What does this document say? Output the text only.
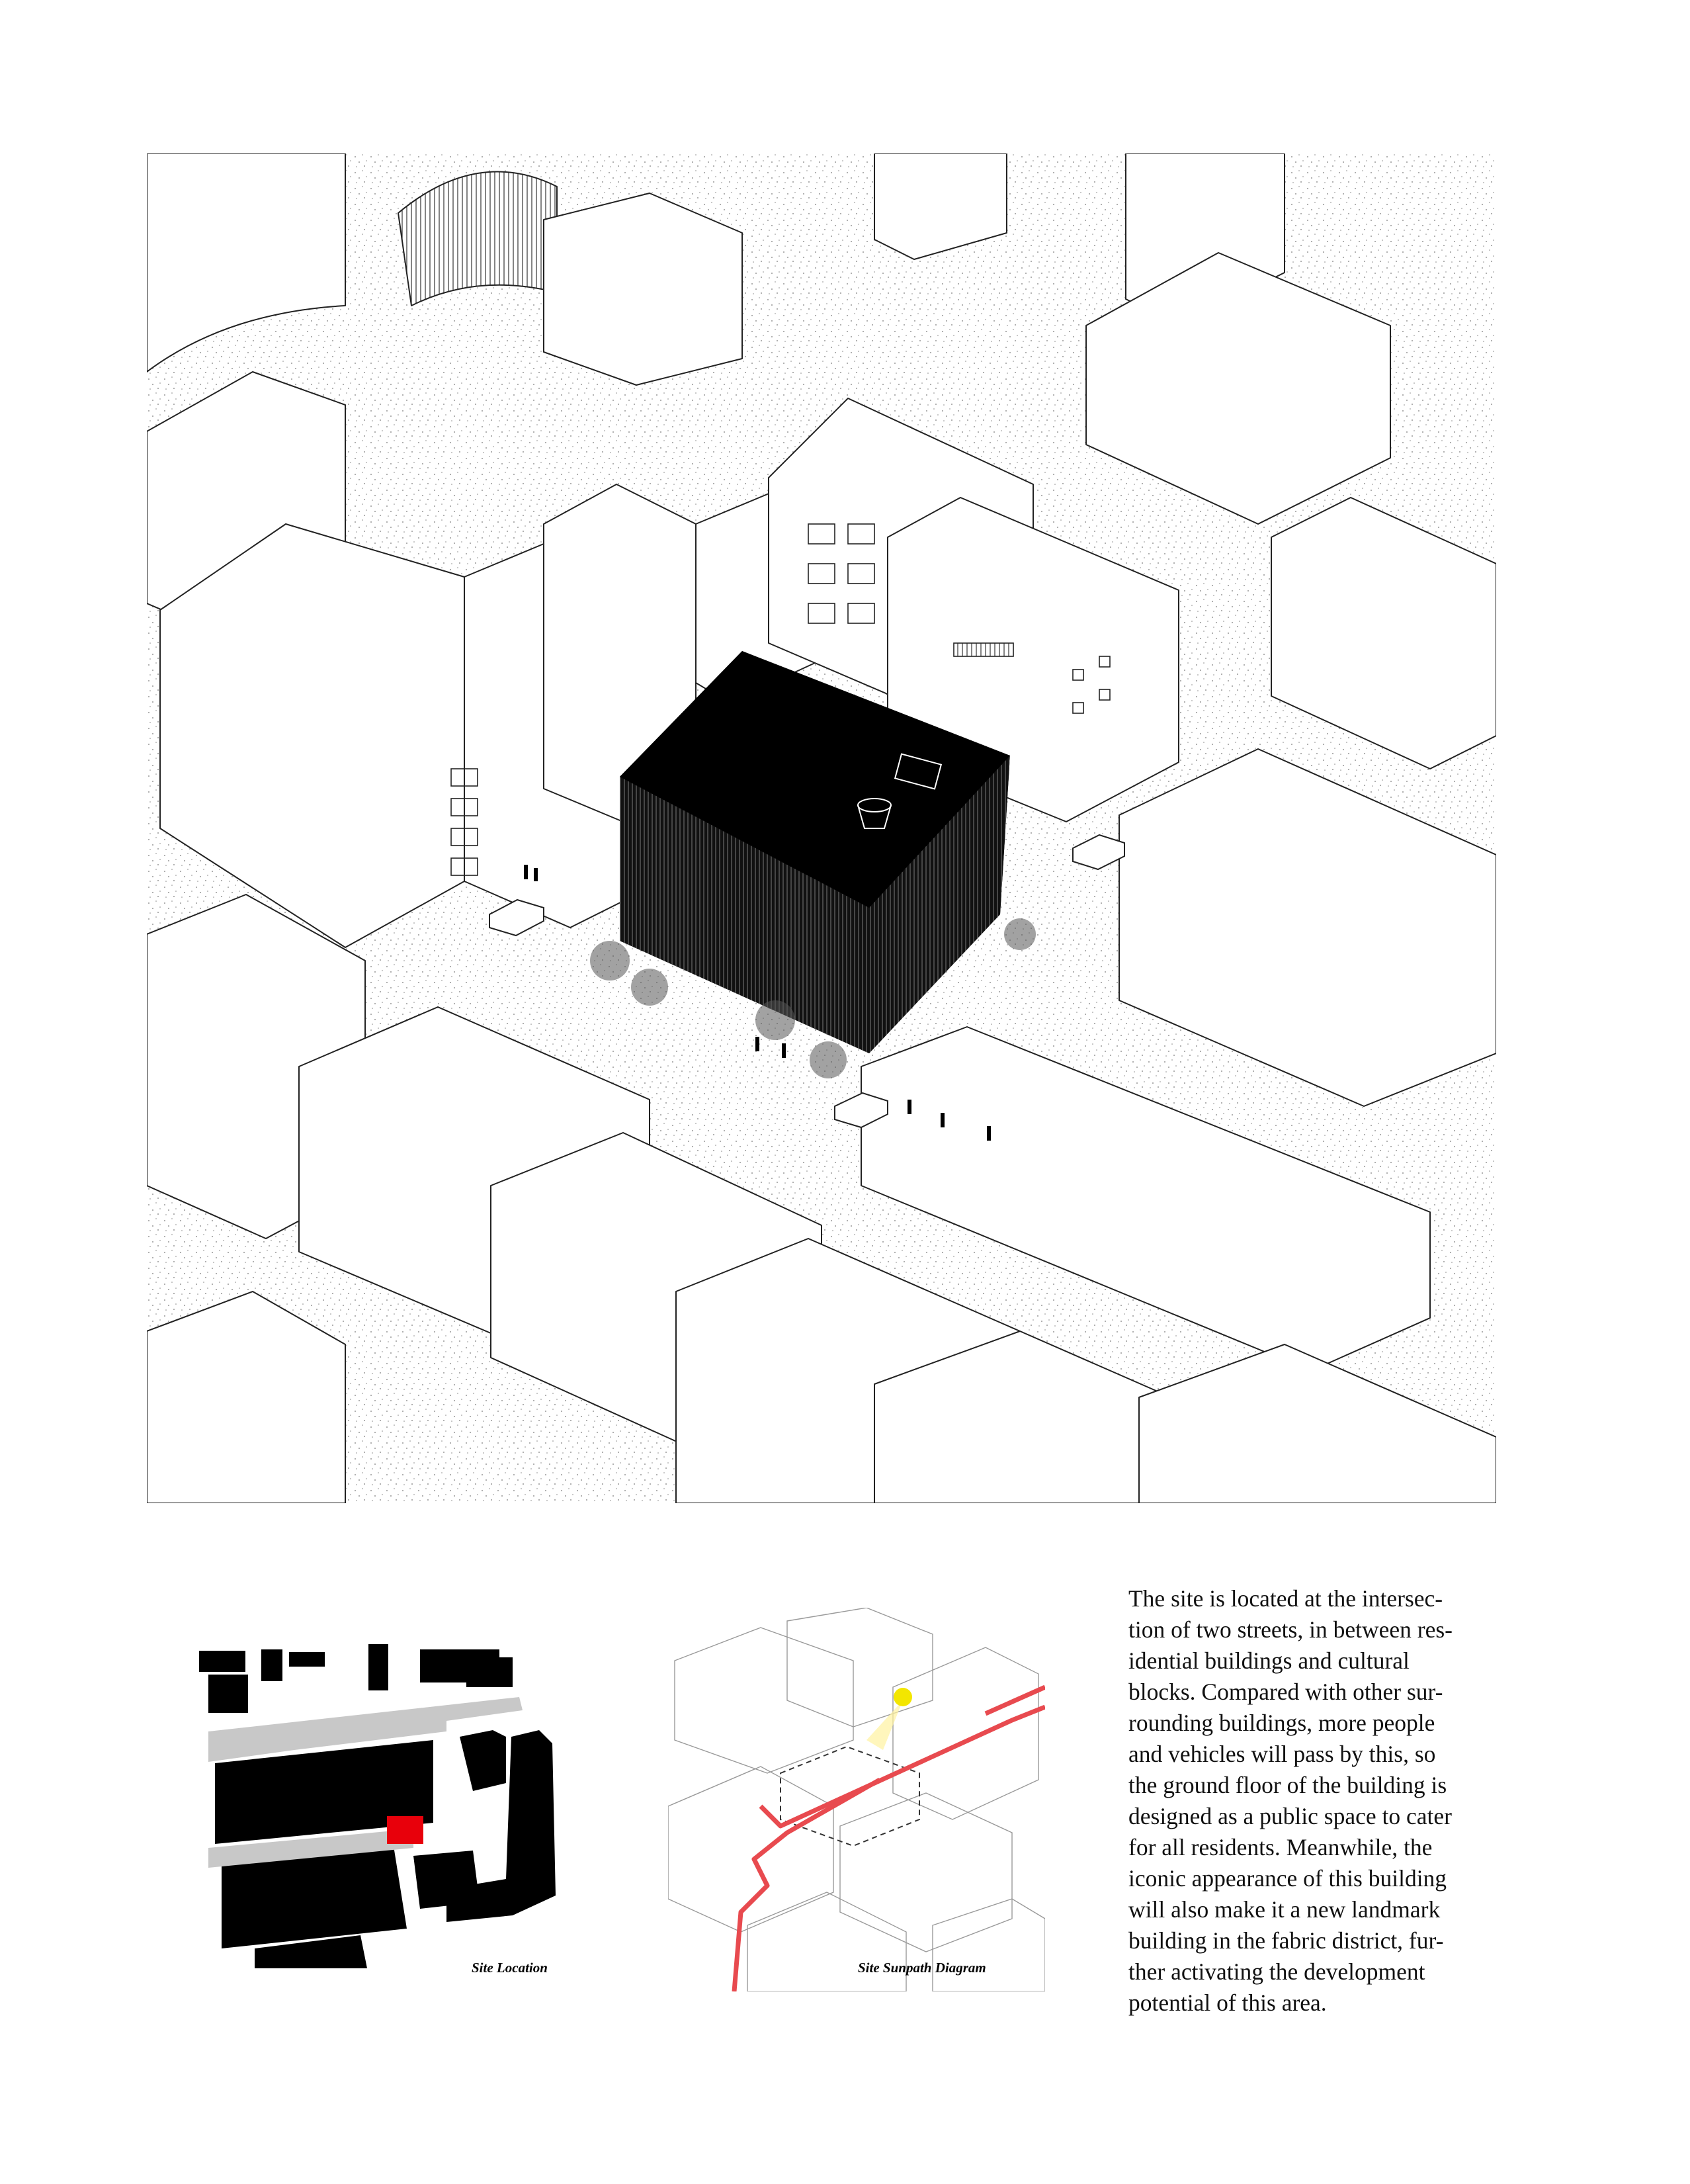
Site Location	Site Sunpath Diagram
The site is located at the intersec-
tion of two streets, in between res-
idential buildings and cultural
blocks. Compared with other sur-
rounding buildings, more people
and vehicles will pass by this, so
the ground floor of the building is
designed as a public space to cater
for all residents. Meanwhile, the
iconic appearance of this building
will also make it a new landmark
building in the fabric district, fur-
ther activating the development
potential of this area.
